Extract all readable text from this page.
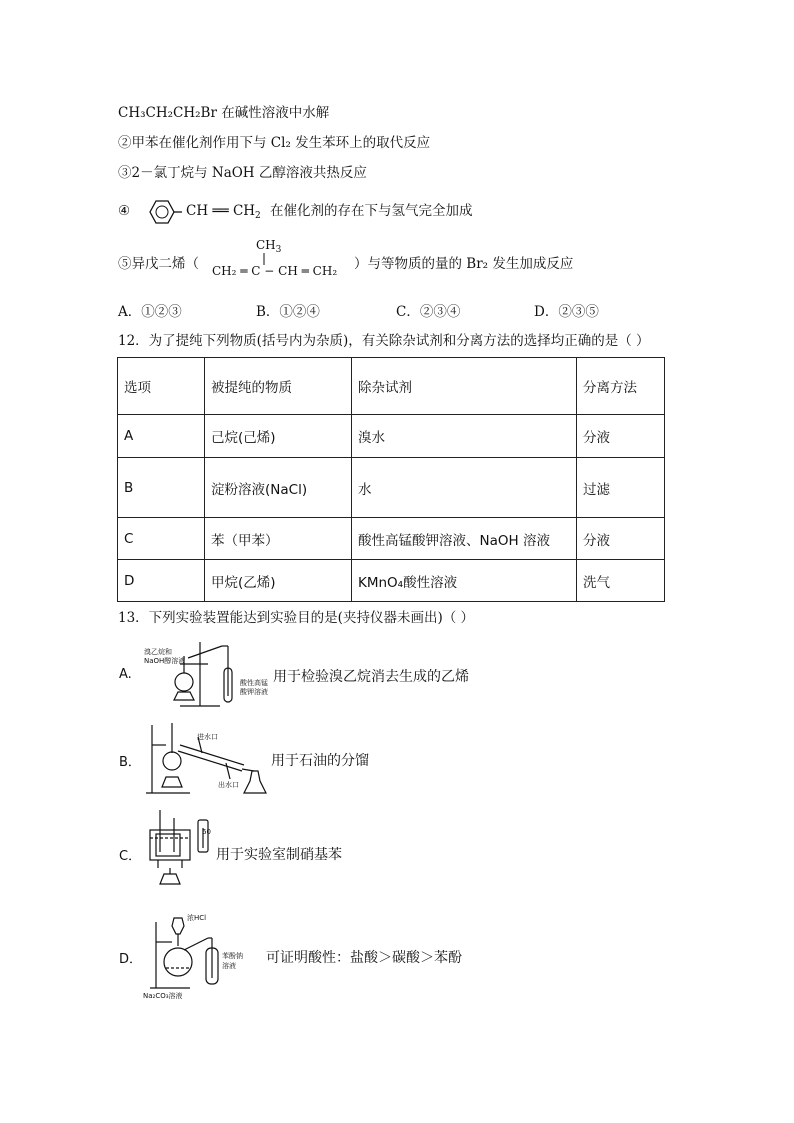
CH₃CH₂CH₂Br 在碱性溶液中水解
②甲苯在催化剂作用下与 Cl₂ 发生苯环上的取代反应
③2－氯丁烷与 NaOH 乙醇溶液共热反应
④	CH ══ $CH_2$ 在催化剂的存在下与氢气完全加成
⑤异戊二烯（
$CH_3$
CH₂ ═ C − CH ═ CH₂ ）与等物质的量的 Br₂ 发生加成反应
A．①②③	B．①②④	C．②③④	D．②③⑤
12．为了提纯下列物质(括号内为杂质)，有关除杂试剂和分离方法的选择均正确的是（ ）
选项	被提纯的物质	除杂试剂	分离方法
A	己烷(己烯)	溴水	分液
B	淀粉溶液(NaCl)	水	过滤
C	苯（甲苯）	酸性高锰酸钾溶液、NaOH 溶液	分液
D	甲烷(乙烯)	KMnO₄酸性溶液	洗气
13．下列实验装置能达到实验目的是(夹持仪器未画出)（ ）
A.
溴乙烷和
NaOH醇溶液
酸性高锰
酸钾溶液
用于检验溴乙烷消去生成的乙烯
B．
进水口
出水口
用于石油的分馏
C．
60
用于实验室制硝基苯
D．
浓HCl
苯酚钠
溶液
Na₂CO₃溶液
可证明酸性：盐酸＞碳酸＞苯酚
